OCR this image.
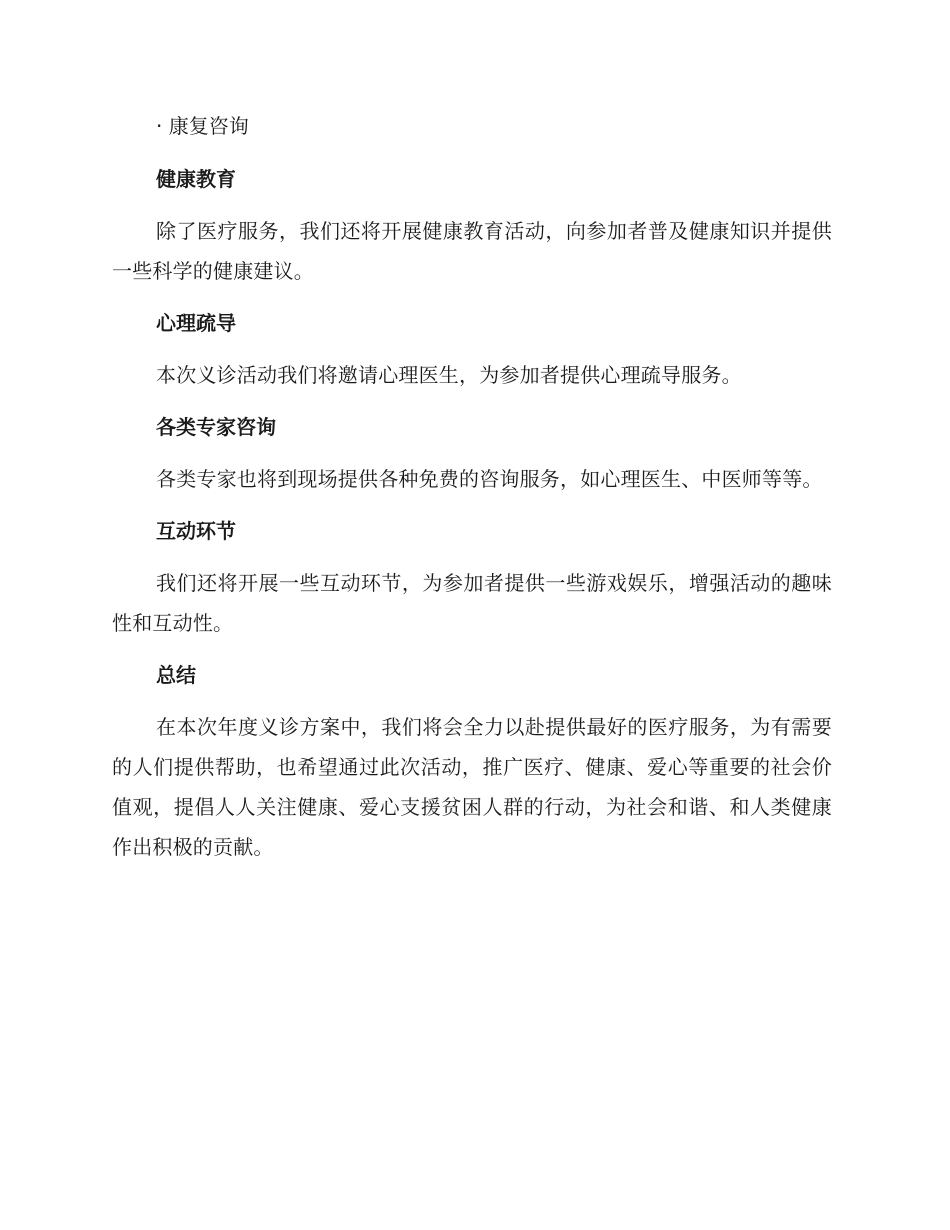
· 康复咨询

健康教育

除了医疗服务，我们还将开展健康教育活动，向参加者普及健康知识并提供一些科学的健康建议。

心理疏导

本次义诊活动我们将邀请心理医生，为参加者提供心理疏导服务。

各类专家咨询

各类专家也将到现场提供各种免费的咨询服务，如心理医生、中医师等等。

互动环节

我们还将开展一些互动环节，为参加者提供一些游戏娱乐，增强活动的趣味性和互动性。

总结

在本次年度义诊方案中，我们将会全力以赴提供最好的医疗服务，为有需要的人们提供帮助，也希望通过此次活动，推广医疗、健康、爱心等重要的社会价值观，提倡人人关注健康、爱心支援贫困人群的行动，为社会和谐、和人类健康作出积极的贡献。
